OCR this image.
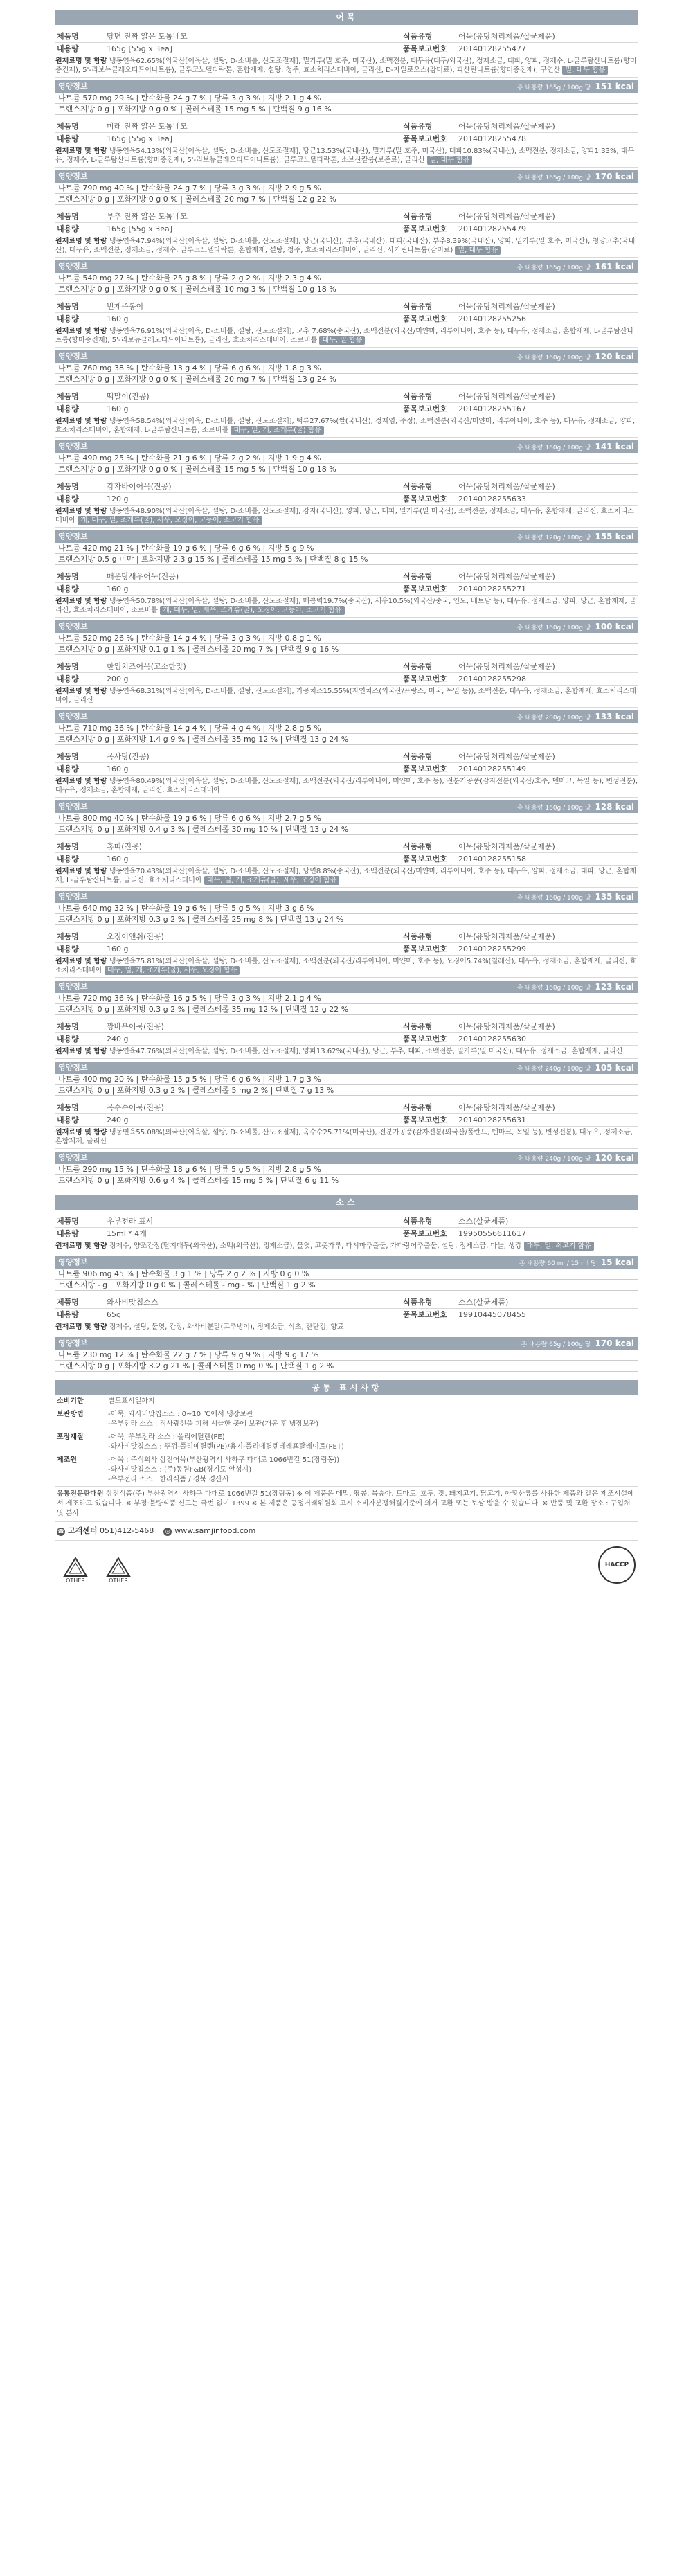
어묵
제품명	당면 진짜 얇은 도톰네모	식품유형	어묵(유탕처리제품/살균제품)
내용량	165g [55g x 3ea]	품목보고번호	20140128255477
원재료명 및 함량 냉동연육62.65%(외국산[어육살, 설탕, D-소비톨, 산도조절제], 밀가루(밀 호주, 미국산), 소맥전분, 대두유(대두/외국산), 정제소금, 대파, 양파, 정제수, L-글루탐산나트륨(향미증진제), 5'-리보뉴클레오티드이나트륨), 글루코노델타락톤, 혼합제제, 설탕, 청주, 효소처리스테비아, 글리신, D-자일로오스(감미료), 파산탄나트륨(향미증진제), 구연산 밀, 대두 함유
영양정보	총 내용량 165g / 100g 당 151 kcal
나트륨 570 mg 29 % | 탄수화물 24 g 7 % | 당류 3 g 3 % | 지방 2.1 g 4 %
트랜스지방 0 g | 포화지방 0 g 0 % | 콜레스테롤 15 mg 5 % | 단백질 9 g 16 %
제품명	미래 진짜 얇은 도톰네모	식품유형	어묵(유탕처리제품/살균제품)
내용량	165g [55g x 3ea]	품목보고번호	20140128255478
원재료명 및 함량 냉동연육54.13%(외국산[어육살, 설탕, D-소비톨, 산도조절제], 당근13.53%(국내산), 밀가루(밀 호주, 미국산), 대파10.83%(국내산), 소맥전분, 정제소금, 양파1.33%, 대두유, 정제수, L-글루탐산나트륨(향미증진제), 5'-리보뉴클레오티드이나트륨), 글루코노델타락톤, 소브산칼륨(보존료), 글리신 밀, 대두 함유
영양정보	총 내용량 165g / 100g 당 170 kcal
나트륨 790 mg 40 % | 탄수화물 24 g 7 % | 당류 3 g 3 % | 지방 2.9 g 5 %
트랜스지방 0 g | 포화지방 0 g 0 % | 콜레스테롤 20 mg 7 % | 단백질 12 g 22 %
제품명	부추 진짜 얇은 도톰네모	식품유형	어묵(유탕처리제품/살균제품)
내용량	165g [55g x 3ea]	품목보고번호	20140128255479
원재료명 및 함량 냉동연육47.94%(외국산[어육살, 설탕, D-소비톨, 산도조절제], 당근(국내산), 부추(국내산), 대파(국내산), 부추8.39%(국내산), 양파, 밀가루(밀 호주, 미국산), 청양고추(국내산), 대두유, 소맥전분, 정제소금, 정제수, 글루코노델타락톤, 혼합제제, 설탕, 청주, 효소처리스테비아, 글리신, 사카린나트륨(감미료) 밀, 대두 함유
영양정보	총 내용량 165g / 100g 당 161 kcal
나트륨 540 mg 27 % | 탄수화물 25 g 8 % | 당류 2 g 2 % | 지방 2.3 g 4 %
트랜스지방 0 g | 포화지방 0 g 0 % | 콜레스테롤 10 mg 3 % | 단백질 10 g 18 %
제품명	빈제주봉이	식품유형	어묵(유탕처리제품/살균제품)
내용량	160 g	품목보고번호	20140128255256
원재료명 및 함량 냉동연육76.91%(외국산[어육, D-소비톨, 설탕, 산도조절제], 고추 7.68%(중국산), 소맥전분(외국산/미얀마, 리투아니아, 호주 등), 대두유, 정제소금, 혼합제제, L-글루탐산나트륨(향미증진제), 5'-리보뉴클레오티드이나트륨), 글리신, 효소처리스테비아, 소르비톨 대두, 밀 함유
영양정보	총 내용량 160g / 100g 당 120 kcal
나트륨 760 mg 38 % | 탄수화물 13 g 4 % | 당류 6 g 6 % | 지방 1.8 g 3 %
트랜스지방 0 g | 포화지방 0 g 0 % | 콜레스테롤 20 mg 7 % | 단백질 13 g 24 %
제품명	떡말이(진공)	식품유형	어묵(유탕처리제품/살균제품)
내용량	160 g	품목보고번호	20140128255167
원재료명 및 함량 냉동연육58.54%(외국산[어육, D-소비톨, 설탕, 산도조절제], 떡류27.67%(쌀(국내산), 정제염, 주정), 소맥전분(외국산/미얀마, 리투아니아, 호주 등), 대두유, 정제소금, 양파, 효소처리스테비아, 혼합제제, L-글루탐산나트륨, 소르비톨 대두, 밀, 게, 조개류(굴) 함유
영양정보	총 내용량 160g / 100g 당 141 kcal
나트륨 490 mg 25 % | 탄수화물 21 g 6 % | 당류 2 g 2 % | 지방 1.9 g 4 %
트랜스지방 0 g | 포화지방 0 g 0 % | 콜레스테롤 15 mg 5 % | 단백질 10 g 18 %
제품명	감자바이어묵(진공)	식품유형	어묵(유탕처리제품/살균제품)
내용량	120 g	품목보고번호	20140128255633
원재료명 및 함량 냉동연육48.90%(외국산[어육살, 설탕, D-소비톨, 산도조절제], 감자(국내산), 양파, 당근, 대파, 밀가루(밀 미국산), 소맥전분, 정제소금, 대두유, 혼합제제, 글리신, 효소처리스테비아 게, 대두, 밀, 조개류(굴), 새우, 오징어, 고등어, 소고기 함유
영양정보	총 내용량 120g / 100g 당 155 kcal
나트륨 420 mg 21 % | 탄수화물 19 g 6 % | 당류 6 g 6 % | 지방 5 g 9 %
트랜스지방 0.5 g 미만 | 포화지방 2.3 g 15 % | 콜레스테롤 15 mg 5 % | 단백질 8 g 15 %
제품명	매운탕새우어묵(진공)	식품유형	어묵(유탕처리제품/살균제품)
내용량	160 g	품목보고번호	20140128255271
원재료명 및 함량 냉동연육50.78%(외국산[어육살, 설탕, D-소비톨, 산도조절제], 매콤벽19.7%(중국산), 새우10.5%(외국산/중국, 인도, 베트남 등), 대두유, 정제소금, 양파, 당근, 혼합제제, 글리신, 효소처리스테비아, 소르비톨 게, 대두, 밀, 새우, 조개류(굴), 오징어, 고등어, 소고기 함유
영양정보	총 내용량 160g / 100g 당 100 kcal
나트륨 520 mg 26 % | 탄수화물 14 g 4 % | 당류 3 g 3 % | 지방 0.8 g 1 %
트랜스지방 0 g | 포화지방 0.1 g 1 % | 콜레스테롤 20 mg 7 % | 단백질 9 g 16 %
제품명	한입치즈어묵(고소한맛)	식품유형	어묵(유탕처리제품/살균제품)
내용량	200 g	품목보고번호	20140128255298
원재료명 및 함량 냉동연육68.31%(외국산[어육, D-소비톨, 설탕, 산도조절제], 가공치즈15.55%(자연치즈(외국산/프랑스, 미국, 독일 등)), 소맥전분, 대두유, 정제소금, 혼합제제, 효소처리스테비아, 글리신
영양정보	총 내용량 200g / 100g 당 133 kcal
나트륨 710 mg 36 % | 탄수화물 14 g 4 % | 당류 4 g 4 % | 지방 2.8 g 5 %
트랜스지방 0 g | 포화지방 1.4 g 9 % | 콜레스테롤 35 mg 12 % | 단백질 13 g 24 %
제품명	옥사탕(진공)	식품유형	어묵(유탕처리제품/살균제품)
내용량	160 g	품목보고번호	20140128255149
원재료명 및 함량 냉동연육80.49%(외국산[어육살, 설탕, D-소비톨, 산도조절제], 소맥전분(외국산/리투아니아, 미얀마, 호주 등), 전분가공품(감자전분(외국산/호주, 덴마크, 독일 등), 변성전분), 대두유, 정제소금, 혼합제제, 글리신, 효소처리스테비아
영양정보	총 내용량 160g / 100g 당 128 kcal
나트륨 800 mg 40 % | 탄수화물 19 g 6 % | 당류 6 g 6 % | 지방 2.7 g 5 %
트랜스지방 0 g | 포화지방 0.4 g 3 % | 콜레스테롤 30 mg 10 % | 단백질 13 g 24 %
제품명	홍띠(진공)	식품유형	어묵(유탕처리제품/살균제품)
내용량	160 g	품목보고번호	20140128255158
원재료명 및 함량 냉동연육70.43%(외국산[어육살, 설탕, D-소비톨, 산도조절제], 당면8.8%(중국산), 소맥전분(외국산/미얀마, 리투아니아, 호주 등), 대두유, 양파, 정제소금, 대파, 당근, 혼합제제, L-글루탐산나트륨, 글리신, 효소처리스테비아 대두, 밀, 게, 조개류(굴), 새우, 오징어 함유
영양정보	총 내용량 160g / 100g 당 135 kcal
나트륨 640 mg 32 % | 탄수화물 19 g 6 % | 당류 5 g 5 % | 지방 3 g 6 %
트랜스지방 0 g | 포화지방 0.3 g 2 % | 콜레스테롤 25 mg 8 % | 단백질 13 g 24 %
제품명	오징어앤쉬(진공)	식품유형	어묵(유탕처리제품/살균제품)
내용량	160 g	품목보고번호	20140128255299
원재료명 및 함량 냉동연육75.81%(외국산[어육살, 설탕, D-소비톨, 산도조절제], 소맥전분(외국산/리투아니아, 미얀마, 호주 등), 오징어5.74%(칠레산), 대두유, 정제소금, 혼합제제, 글리신, 효소처리스테비아 대두, 밀, 게, 조개류(굴), 새우, 오징어 함유
영양정보	총 내용량 160g / 100g 당 123 kcal
나트륨 720 mg 36 % | 탄수화물 16 g 5 % | 당류 3 g 3 % | 지방 2.1 g 4 %
트랜스지방 0 g | 포화지방 0.3 g 2 % | 콜레스테롤 35 mg 12 % | 단백질 12 g 22 %
제품명	깡바우어묵(진공)	식품유형	어묵(유탕처리제품/살균제품)
내용량	240 g	품목보고번호	20140128255630
원재료명 및 함량 냉동연육47.76%(외국산[어육살, 설탕, D-소비톨, 산도조절제], 양파13.62%(국내산), 당근, 부추, 대파, 소맥전분, 밀가루(밀 미국산), 대두유, 정제소금, 혼합제제, 글리신
영양정보	총 내용량 240g / 100g 당 105 kcal
나트륨 400 mg 20 % | 탄수화물 15 g 5 % | 당류 6 g 6 % | 지방 1.7 g 3 %
트랜스지방 0 g | 포화지방 0.3 g 2 % | 콜레스테롤 5 mg 2 % | 단백질 7 g 13 %
제품명	옥수수어묵(진공)	식품유형	어묵(유탕처리제품/살균제품)
내용량	240 g	품목보고번호	20140128255631
원재료명 및 함량 냉동연육55.08%(외국산[어육살, 설탕, D-소비톨, 산도조절제], 옥수수25.71%(미국산), 전분가공품(감자전분(외국산/폴란드, 덴마크, 독일 등), 변성전분), 대두유, 정제소금, 혼합제제, 글리신
영양정보	총 내용량 240g / 100g 당 120 kcal
나트륨 290 mg 15 % | 탄수화물 18 g 6 % | 당류 5 g 5 % | 지방 2.8 g 5 %
트랜스지방 0 g | 포화지방 0.6 g 4 % | 콜레스테롤 15 mg 5 % | 단백질 6 g 11 %
소스
제품명	우부전라 표시	식품유형	소스(살균제품)
내용량	15ml * 4개	품목보고번호	19950556611617
원재료명 및 함량 정제수, 양조간장(탈지대두(외국산), 소맥(외국산), 정제소금), 물엿, 고춧가루, 다시마추출물, 가다랑어추출물, 설탕, 정제소금, 마늘, 생강 대두, 밀, 쇠고기 함유
영양정보	총 내용량 60 ml / 15 ml 당 15 kcal
나트륨 906 mg 45 % | 탄수화물 3 g 1 % | 당류 2 g 2 % | 지방 0 g 0 %
트랜스지방 - g | 포화지방 0 g 0 % | 콜레스테롤 - mg - % | 단백질 1 g 2 %
제품명	와사비맛칩소스	식품유형	소스(살균제품)
내용량	65g	품목보고번호	19910445078455
원재료명 및 함량 정제수, 설탕, 물엿, 간장, 와사비분말(고추냉이), 정제소금, 식초, 잔탄검, 향료
영양정보	총 내용량 65g / 100g 당 170 kcal
나트륨 230 mg 12 % | 탄수화물 22 g 7 % | 당류 9 g 9 % | 지방 9 g 17 %
트랜스지방 0 g | 포화지방 3.2 g 21 % | 콜레스테롤 0 mg 0 % | 단백질 1 g 2 %
공통 표시사항
소비기한	별도표시일까지
보관방법	-어묵, 와사비맛칩소스 : 0~10 ℃에서 냉장보관
-우부전라 소스 : 직사광선을 피해 서늘한 곳에 보관(개봉 후 냉장보관)
포장재질	-어묵, 우부전라 소스 : 폴리에틸렌(PE)
-와사비맛칩소스 : 뚜껑-폴리에틸렌(PE)/용기-폴리에틸렌테레프탈레이트(PET)
제조원	-어묵 : 주식회사 삼진어묵(부산광역시 사하구 다대로 1066번길 51(장림동))
-와사비맛칩소스 : (주)동원F&B(경기도 안성시)
-우부전라 소스 : 한라식품 / 경북 경산시
유통전문판매원 삼진식품(주) 부산광역시 사하구 다대로 1066번길 51(장림동) ※ 이 제품은 메밀, 땅콩, 복숭아, 토마토, 호두, 잣, 돼지고기, 닭고기, 아황산류를 사용한 제품과 같은 제조시설에서 제조하고 있습니다. ※ 부정·불량식품 신고는 국번 없이 1399 ※ 본 제품은 공정거래위원회 고시 소비자분쟁해결기준에 의거 교환 또는 보상 받을 수 있습니다. ※ 반품 및 교환 장소 : 구입처 및 본사
☎ 고객센터 051)412-5468	◎ www.samjinfood.com
OTHER	OTHER
HACCP
